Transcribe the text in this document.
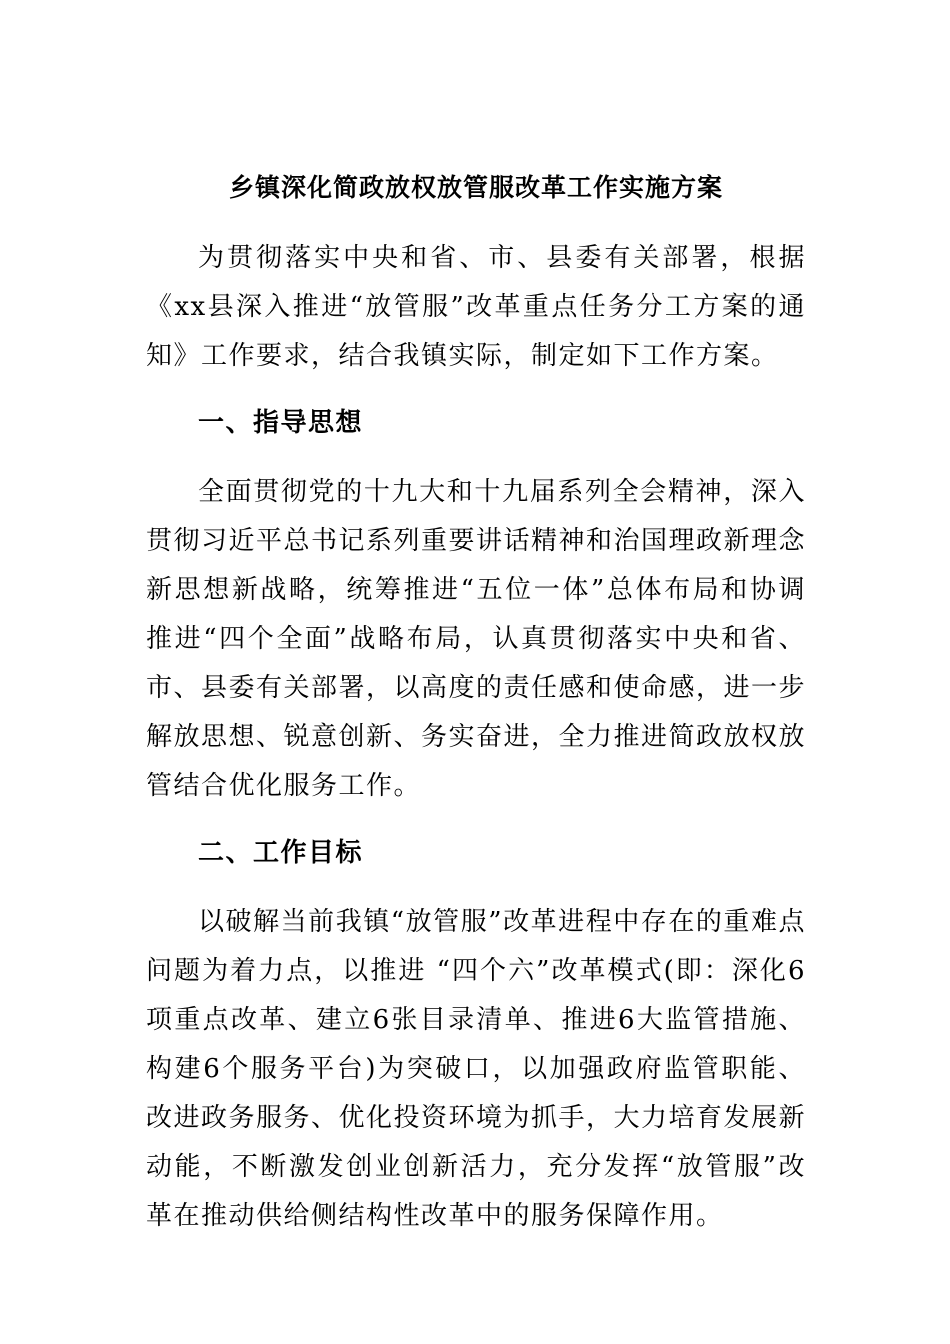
乡镇深化简政放权放管服改革工作实施方案

为贯彻落实中央和省、市、县委有关部署，根据《xx县深入推进“放管服”改革重点任务分工方案的通知》工作要求，结合我镇实际，制定如下工作方案。

一、指导思想

全面贯彻党的十九大和十九届系列全会精神，深入贯彻习近平总书记系列重要讲话精神和治国理政新理念新思想新战略，统筹推进“五位一体”总体布局和协调推进“四个全面”战略布局，认真贯彻落实中央和省、市、县委有关部署，以高度的责任感和使命感，进一步解放思想、锐意创新、务实奋进，全力推进简政放权放管结合优化服务工作。

二、工作目标

以破解当前我镇“放管服”改革进程中存在的重难点问题为着力点，以推进 “四个六”改革模式(即：深化6项重点改革、建立6张目录清单、推进6大监管措施、构建6个服务平台)为突破口，以加强政府监管职能、改进政务服务、优化投资环境为抓手，大力培育发展新动能，不断激发创业创新活力，充分发挥“放管服”改革在推动供给侧结构性改革中的服务保障作用。
